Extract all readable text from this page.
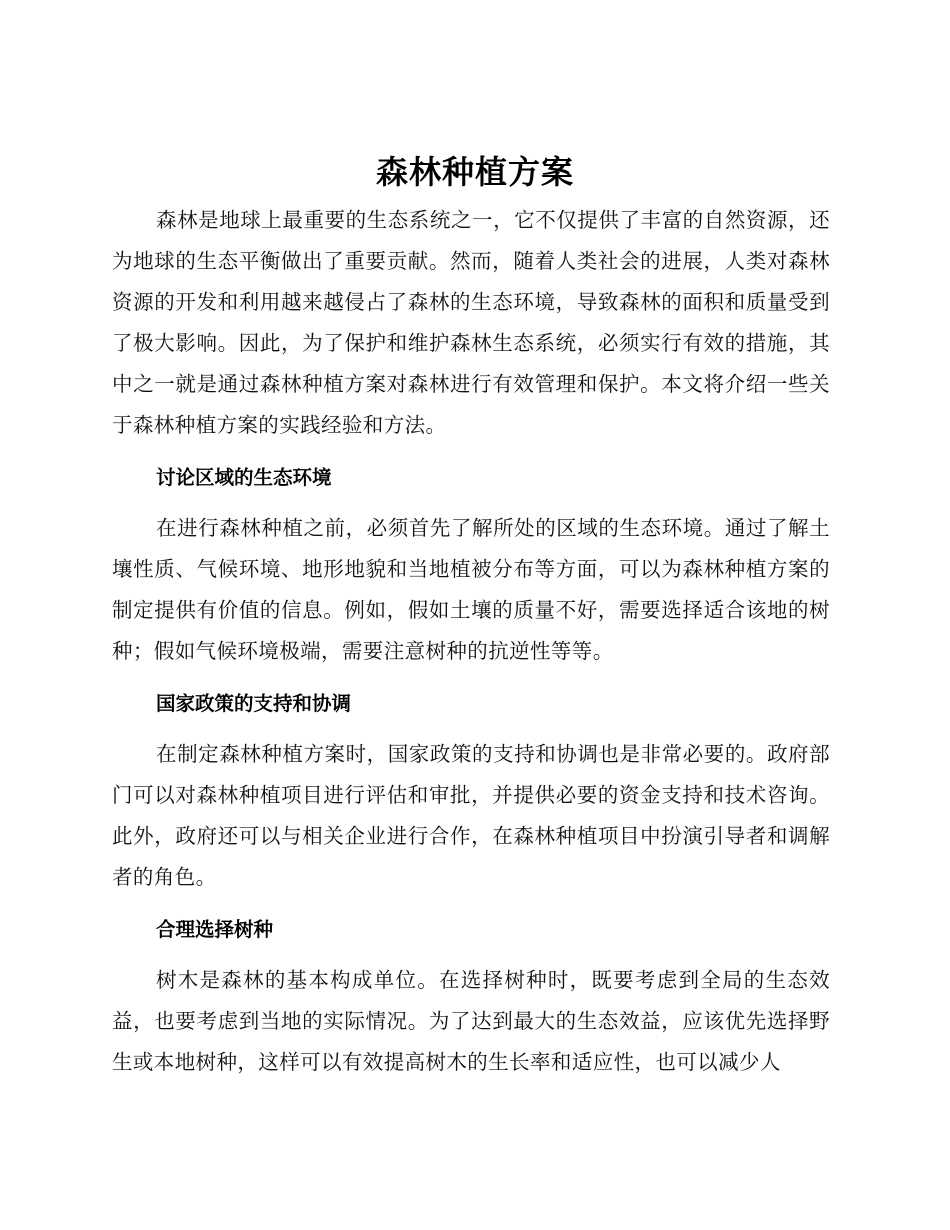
森林种植方案

森林是地球上最重要的生态系统之一，它不仅提供了丰富的自然资源，还为地球的生态平衡做出了重要贡献。然而，随着人类社会的进展，人类对森林资源的开发和利用越来越侵占了森林的生态环境，导致森林的面积和质量受到了极大影响。因此，为了保护和维护森林生态系统，必须实行有效的措施，其中之一就是通过森林种植方案对森林进行有效管理和保护。本文将介绍一些关于森林种植方案的实践经验和方法。

讨论区域的生态环境

在进行森林种植之前，必须首先了解所处的区域的生态环境。通过了解土壤性质、气候环境、地形地貌和当地植被分布等方面，可以为森林种植方案的制定提供有价值的信息。例如，假如土壤的质量不好，需要选择适合该地的树种；假如气候环境极端，需要注意树种的抗逆性等等。

国家政策的支持和协调

在制定森林种植方案时，国家政策的支持和协调也是非常必要的。政府部门可以对森林种植项目进行评估和审批，并提供必要的资金支持和技术咨询。此外，政府还可以与相关企业进行合作，在森林种植项目中扮演引导者和调解者的角色。

合理选择树种

树木是森林的基本构成单位。在选择树种时，既要考虑到全局的生态效益，也要考虑到当地的实际情况。为了达到最大的生态效益，应该优先选择野生或本地树种，这样可以有效提高树木的生长率和适应性，也可以减少人
